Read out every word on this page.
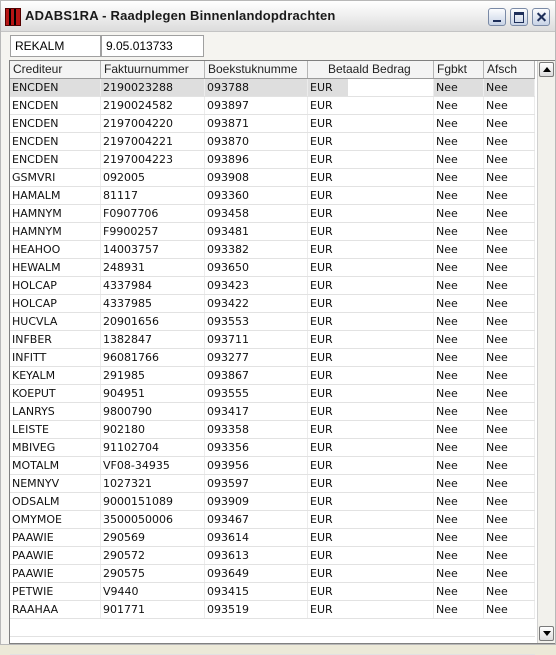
ADABS1RA - Raadplegen Binnenlandopdrachten
REKALM	9.05.013733
Crediteur	Faktuurnummer	Boekstuknumme	Betaald Bedrag	Fgbkt	Afsch
ENCDEN	2190023288	093788	EUR	Nee	Nee
ENCDEN	2190024582	093897	EUR	Nee	Nee
ENCDEN	2197004220	093871	EUR	Nee	Nee
ENCDEN	2197004221	093870	EUR	Nee	Nee
ENCDEN	2197004223	093896	EUR	Nee	Nee
GSMVRI	092005	093908	EUR	Nee	Nee
HAMALM	81117	093360	EUR	Nee	Nee
HAMNYM	F0907706	093458	EUR	Nee	Nee
HAMNYM	F9900257	093481	EUR	Nee	Nee
HEAHOO	14003757	093382	EUR	Nee	Nee
HEWALM	248931	093650	EUR	Nee	Nee
HOLCAP	4337984	093423	EUR	Nee	Nee
HOLCAP	4337985	093422	EUR	Nee	Nee
HUCVLA	20901656	093553	EUR	Nee	Nee
INFBER	1382847	093711	EUR	Nee	Nee
INFITT	96081766	093277	EUR	Nee	Nee
KEYALM	291985	093867	EUR	Nee	Nee
KOEPUT	904951	093555	EUR	Nee	Nee
LANRYS	9800790	093417	EUR	Nee	Nee
LEISTE	902180	093358	EUR	Nee	Nee
MBIVEG	91102704	093356	EUR	Nee	Nee
MOTALM	VF08-34935	093956	EUR	Nee	Nee
NEMNYV	1027321	093597	EUR	Nee	Nee
ODSALM	9000151089	093909	EUR	Nee	Nee
OMYMOE	3500050006	093467	EUR	Nee	Nee
PAAWIE	290569	093614	EUR	Nee	Nee
PAAWIE	290572	093613	EUR	Nee	Nee
PAAWIE	290575	093649	EUR	Nee	Nee
PETWIE	V9440	093415	EUR	Nee	Nee
RAAHAA	901771	093519	EUR	Nee	Nee
